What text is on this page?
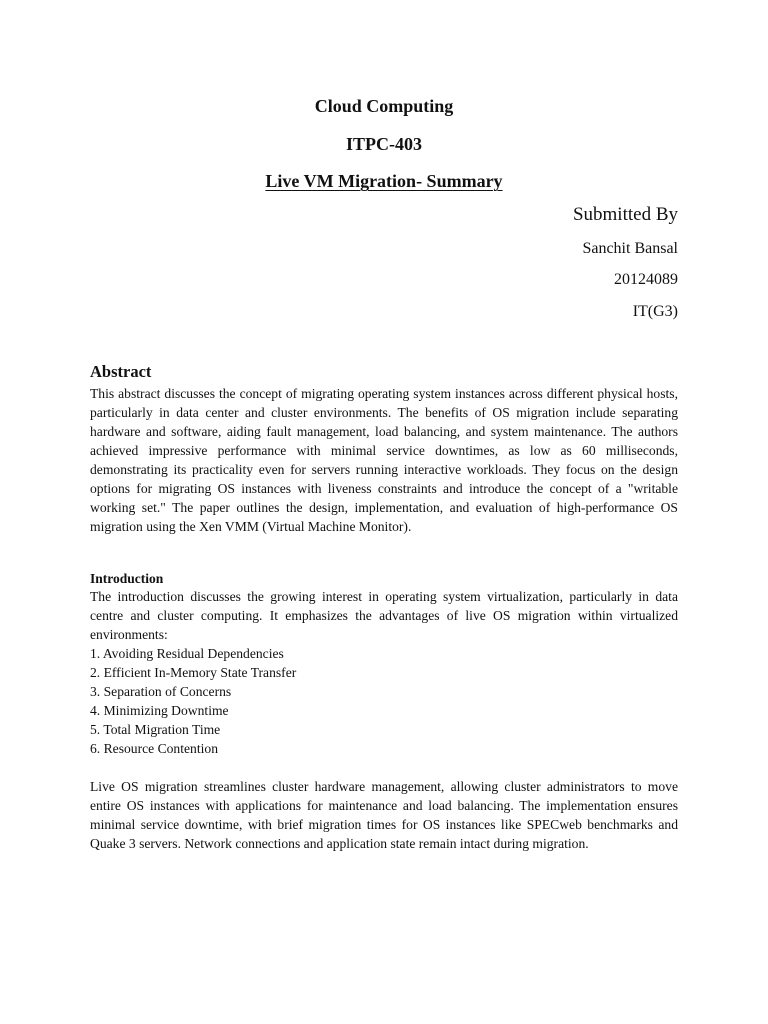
Cloud Computing
ITPC-403
Live VM Migration- Summary
Submitted By
Sanchit Bansal
20124089
IT(G3)
Abstract
This abstract discusses the concept of migrating operating system instances across different physical hosts, particularly in data center and cluster environments. The benefits of OS migration include separating hardware and software, aiding fault management, load balancing, and system maintenance. The authors achieved impressive performance with minimal service downtimes, as low as 60 milliseconds, demonstrating its practicality even for servers running interactive workloads. They focus on the design options for migrating OS instances with liveness constraints and introduce the concept of a "writable working set." The paper outlines the design, implementation, and evaluation of high-performance OS migration using the Xen VMM (Virtual Machine Monitor).
Introduction
The introduction discusses the growing interest in operating system virtualization, particularly in data centre and cluster computing. It emphasizes the advantages of live OS migration within virtualized environments:
1. Avoiding Residual Dependencies
2. Efficient In-Memory State Transfer
3. Separation of Concerns
4. Minimizing Downtime
5. Total Migration Time
6. Resource Contention
Live OS migration streamlines cluster hardware management, allowing cluster administrators to move entire OS instances with applications for maintenance and load balancing. The implementation ensures minimal service downtime, with brief migration times for OS instances like SPECweb benchmarks and Quake 3 servers. Network connections and application state remain intact during migration.
